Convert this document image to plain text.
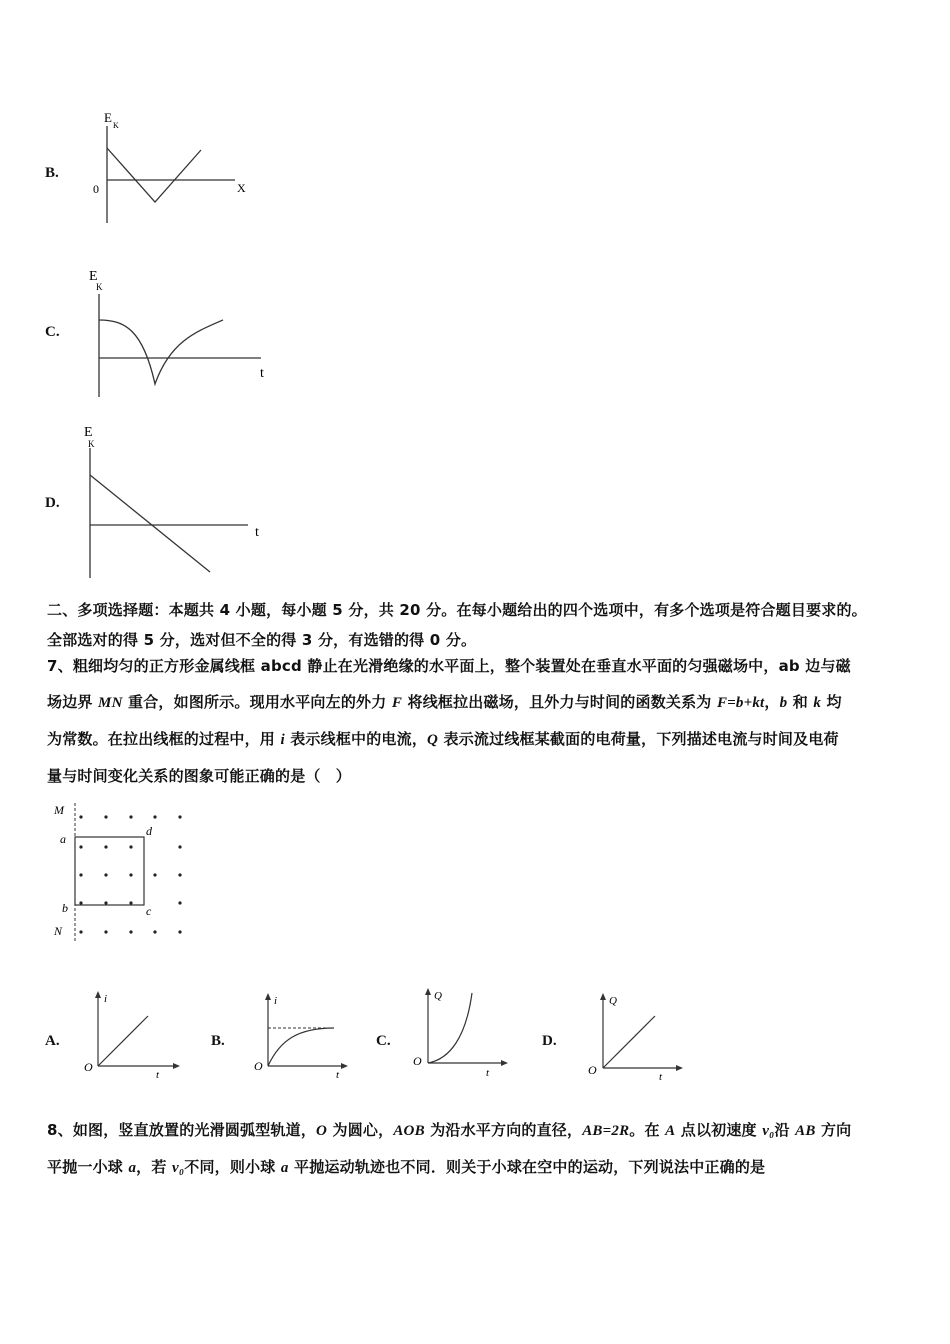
B.
E
K
0	X
C.
E
K
t
D.
E
K
t
二、多项选择题：本题共 4 小题，每小题 5 分，共 20 分。在每小题给出的四个选项中，有多个选项是符合题目要求的。
全部选对的得 5 分，选对但不全的得 3 分，有选错的得 0 分。
7、粗细均匀的正方形金属线框 abcd 静止在光滑绝缘的水平面上，整个装置处在垂直水平面的匀强磁场中，ab 边与磁
场边界 MN 重合，如图所示。现用水平向左的外力 F 将线框拉出磁场，且外力与时间的函数关系为 F=b+kt，b 和 k 均
为常数。在拉出线框的过程中，用 i 表示线框中的电流，Q 表示流过线框某截面的电荷量，下列描述电流与时间及电荷
量与时间变化关系的图象可能正确的是（　）
M
a
d
b	c
N
A.
i
O
t
B.
i
O
t
C.
Q
O
t
D.
Q
O	t
8、如图，竖直放置的光滑圆弧型轨道，O 为圆心，AOB 为沿水平方向的直径，AB=2R。在 A 点以初速度 v₀沿 AB 方向
平抛一小球 a，若 v₀不同，则小球 a 平抛运动轨迹也不同．则关于小球在空中的运动，下列说法中正确的是
